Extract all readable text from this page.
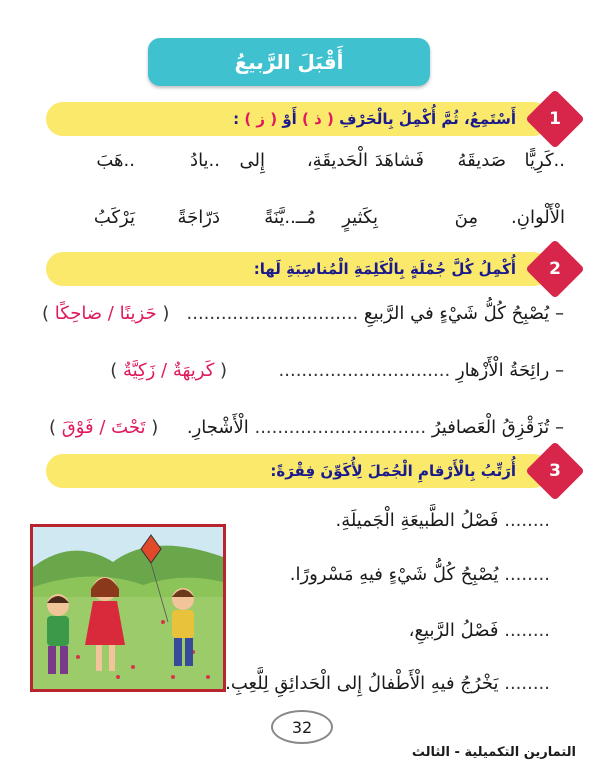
أَقْبَلَ الرَّبيعُ
1
أَسْتَمِعُ، ثُمَّ أُكْمِلُ بِالْحَرْفِ ( ذ ) أَوْ ( ز ) :
..هَبَ	..يادُ إِلى الْحَديقَةِ، فَشاهَدَ صَديقَهُ ..كَرِيًّا
يَرْكَبُ دَرّاجَةً مُــ..يَّنَةً بِكَثيرٍ	مِنَ الْأَلْوانِ.
2
أُكْمِلُ كُلَّ جُمْلَةٍ بِالْكَلِمَةِ الْمُناسِبَةِ لَها:
– يُصْبِحُ كُلُّ شَيْءٍ في الرَّبيعِ ..............................   ( حَزينًا / ضاحِكًا )
– رائِحَةُ الْأَزْهارِ ..............................         ( كَريهَةٌ / زَكِيَّةٌ )
– تُزَقْزِقُ الْعَصافيرُ .............................. الْأَشْجارِ.     ( تَحْتَ / فَوْقَ )
3
أُرَتِّبُ بِالْأَرْقامِ الْجُمَلَ لِأُكَوِّنَ فِقْرَةً:
........ فَصْلُ الطَّبيعَةِ الْجَميلَةِ.
........ يُصْبِحُ كُلُّ شَيْءٍ فيهِ مَسْرورًا.
........ فَصْلُ الرَّبيعِ،
........ يَخْرُجُ فيهِ الْأَطْفالُ إِلى الْحَدائِقِ لِلَّعِبِ.
32
التمارين التكميلية - الثالث
